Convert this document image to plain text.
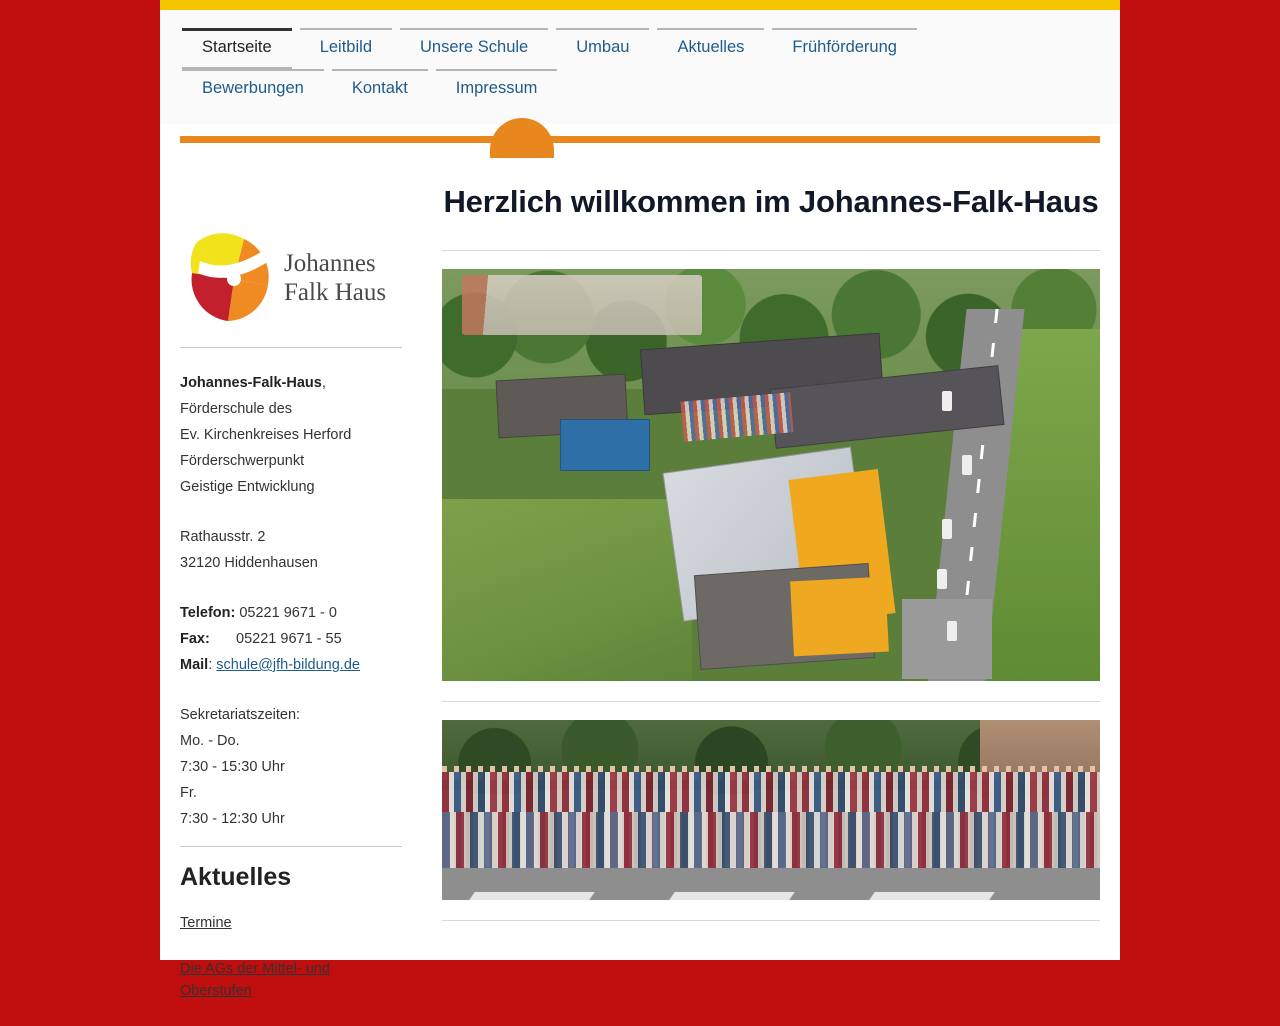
Startseite	Leitbild	Unsere Schule	Umbau	Aktuelles	Frühförderung
Bewerbungen	Kontakt	Impressum
Johannes
Falk Haus
Johannes-Falk-Haus,
Förderschule des
Ev. Kirchenkreises Herford
Förderschwerpunkt
Geistige Entwicklung
Rathausstr. 2
32120 Hiddenhausen
Telefon: 05221 9671 - 0
Fax: 05221 9671 - 55
Mail: schule@jfh-bildung.de
Sekretariatszeiten:
Mo. - Do.
7:30 - 15:30 Uhr
Fr.
7:30 - 12:30 Uhr
Aktuelles
Termine
Die AGs der Mittel- und Oberstufen
Herzlich willkommen im Johannes-Falk-Haus
